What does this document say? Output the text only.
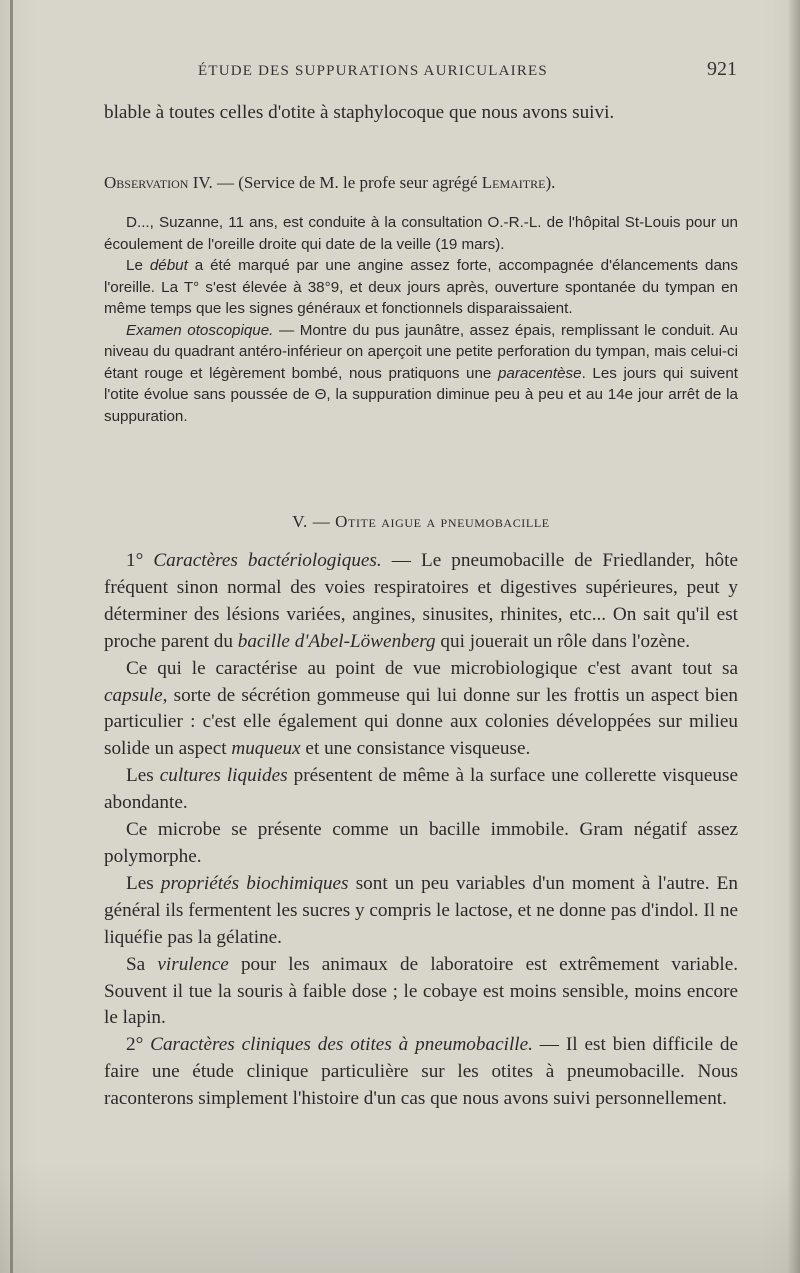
ÉTUDE DES SUPPURATIONS AURICULAIRES	921

blable à toutes celles d'otite à staphylocoque que nous avons suivi.

Observation IV. — (Service de M. le profe seur agrégé Lemaitre).

D..., Suzanne, 11 ans, est conduite à la consultation O.-R.-L. de l'hôpital St-Louis pour un écoulement de l'oreille droite qui date de la veille (19 mars).

Le début a été marqué par une angine assez forte, accompagnée d'élancements dans l'oreille. La T° s'est élevée à 38°9, et deux jours après, ouverture spontanée du tympan en même temps que les signes généraux et fonctionnels disparaissaient.

Examen otoscopique. — Montre du pus jaunâtre, assez épais, remplissant le conduit. Au niveau du quadrant antéro-inférieur on aperçoit une petite perforation du tympan, mais celui-ci étant rouge et légèrement bombé, nous pratiquons une paracentèse. Les jours qui suivent l'otite évolue sans poussée de Θ, la suppuration diminue peu à peu et au 14e jour arrêt de la suppuration.

V. — Otite aigue a pneumobacille

1° Caractères bactériologiques. — Le pneumobacille de Friedlander, hôte fréquent sinon normal des voies respiratoires et digestives supérieures, peut y déterminer des lésions variées, angines, sinusites, rhinites, etc... On sait qu'il est proche parent du bacille d'Abel-Löwenberg qui jouerait un rôle dans l'ozène.

Ce qui le caractérise au point de vue microbiologique c'est avant tout sa capsule, sorte de sécrétion gommeuse qui lui donne sur les frottis un aspect bien particulier : c'est elle également qui donne aux colonies développées sur milieu solide un aspect muqueux et une consistance visqueuse.

Les cultures liquides présentent de même à la surface une collerette visqueuse abondante.

Ce microbe se présente comme un bacille immobile. Gram négatif assez polymorphe.

Les propriétés biochimiques sont un peu variables d'un moment à l'autre. En général ils fermentent les sucres y compris le lactose, et ne donne pas d'indol. Il ne liquéfie pas la gélatine.

Sa virulence pour les animaux de laboratoire est extrêmement variable. Souvent il tue la souris à faible dose ; le cobaye est moins sensible, moins encore le lapin.

2° Caractères cliniques des otites à pneumobacille. — Il est bien difficile de faire une étude clinique particulière sur les otites à pneumobacille. Nous raconterons simplement l'histoire d'un cas que nous avons suivi personnellement.
